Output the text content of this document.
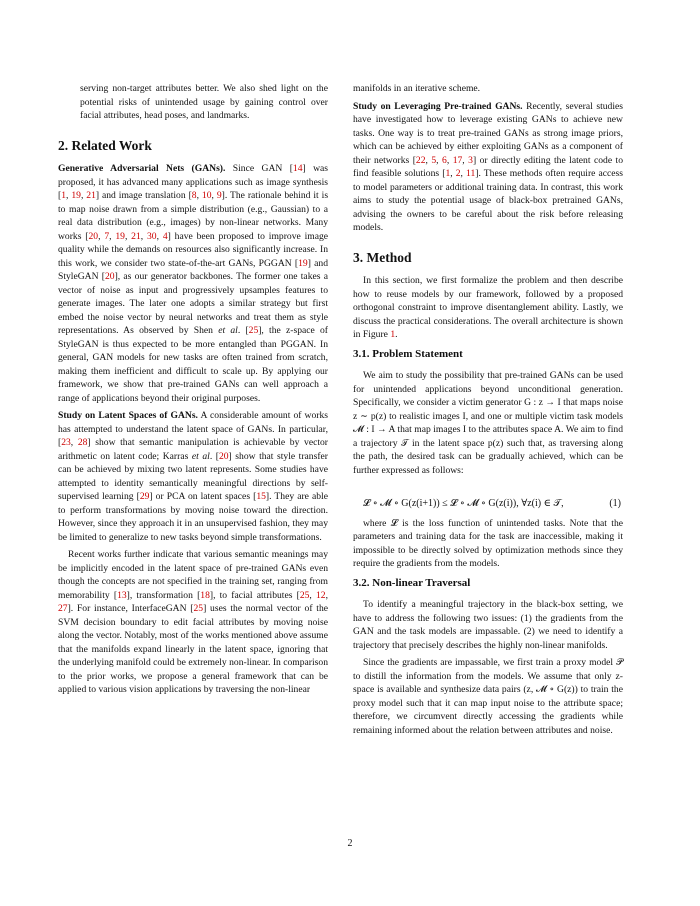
serving non-target attributes better. We also shed light on the potential risks of unintended usage by gaining control over facial attributes, head poses, and landmarks.

2. Related Work

Generative Adversarial Nets (GANs). Since GAN [14] was proposed, it has advanced many applications such as image synthesis [1, 19, 21] and image translation [8, 10, 9]. The rationale behind it is to map noise drawn from a simple distribution (e.g., Gaussian) to a real data distribution (e.g., images) by non-linear networks. Many works [20, 7, 19, 21, 30, 4] have been proposed to improve image quality while the demands on resources also significantly increase. In this work, we consider two state-of-the-art GANs, PGGAN [19] and StyleGAN [20], as our generator backbones. The former one takes a vector of noise as input and progressively upsamples features to generate images. The later one adopts a similar strategy but first embed the noise vector by neural networks and treat them as style representations. As observed by Shen et al. [25], the z-space of StyleGAN is thus expected to be more entangled than PGGAN. In general, GAN models for new tasks are often trained from scratch, making them inefficient and difficult to scale up. By applying our framework, we show that pre-trained GANs can well approach a range of applications beyond their original purposes.

Study on Latent Spaces of GANs. A considerable amount of works has attempted to understand the latent space of GANs. In particular, [23, 28] show that semantic manipulation is achievable by vector arithmetic on latent code; Karras et al. [20] show that style transfer can be achieved by mixing two latent represents. Some studies have attempted to identity semantically meaningful directions by self-supervised learning [29] or PCA on latent spaces [15]. They are able to perform transformations by moving noise toward the direction. However, since they approach it in an unsupervised fashion, they may be limited to generalize to new tasks beyond simple transformations.

Recent works further indicate that various semantic meanings may be implicitly encoded in the latent space of pre-trained GANs even though the concepts are not specified in the training set, ranging from memorability [13], transformation [18], to facial attributes [25, 12, 27]. For instance, InterfaceGAN [25] uses the normal vector of the SVM decision boundary to edit facial attributes by moving noise along the vector. Notably, most of the works mentioned above assume that the manifolds expand linearly in the latent space, ignoring that the underlying manifold could be extremely non-linear. In comparison to the prior works, we propose a general framework that can be applied to various vision applications by traversing the non-linear

manifolds in an iterative scheme.

Study on Leveraging Pre-trained GANs. Recently, several studies have investigated how to leverage existing GANs to achieve new tasks. One way is to treat pre-trained GANs as strong image priors, which can be achieved by either exploiting GANs as a component of their networks [22, 5, 6, 17, 3] or directly editing the latent code to find feasible solutions [1, 2, 11]. These methods often require access to model parameters or additional training data. In contrast, this work aims to study the potential usage of black-box pretrained GANs, advising the owners to be careful about the risk before releasing models.

3. Method

In this section, we first formalize the problem and then describe how to reuse models by our framework, followed by a proposed orthogonal constraint to improve disentanglement ability. Lastly, we discuss the practical considerations. The overall architecture is shown in Figure 1.

3.1. Problem Statement

We aim to study the possibility that pre-trained GANs can be used for unintended applications beyond unconditional generation. Specifically, we consider a victim generator G : z → I that maps noise z ∼ p(z) to realistic images I, and one or multiple victim task models 𝓜 : I → A that map images I to the attributes space A. We aim to find a trajectory 𝒯 in the latent space p(z) such that, as traversing along the path, the desired task can be gradually achieved, which can be further expressed as follows:

𝓛 ∘ 𝓜 ∘ G(z(i+1)) ≤ 𝓛 ∘ 𝓜 ∘ G(z(i)), ∀z(i) ∈ 𝒯,	(1)

where 𝓛 is the loss function of unintended tasks. Note that the parameters and training data for the task are inaccessible, making it impossible to be directly solved by optimization methods since they require the gradients from the models.

3.2. Non-linear Traversal

To identify a meaningful trajectory in the black-box setting, we have to address the following two issues: (1) the gradients from the GAN and the task models are impassable. (2) we need to identify a trajectory that precisely describes the highly non-linear manifolds.

Since the gradients are impassable, we first train a proxy model 𝒫 to distill the information from the models. We assume that only z-space is available and synthesize data pairs (z, 𝓜 ∘ G(z)) to train the proxy model such that it can map input noise to the attribute space; therefore, we circumvent directly accessing the gradients while remaining informed about the relation between attributes and noise.

2
